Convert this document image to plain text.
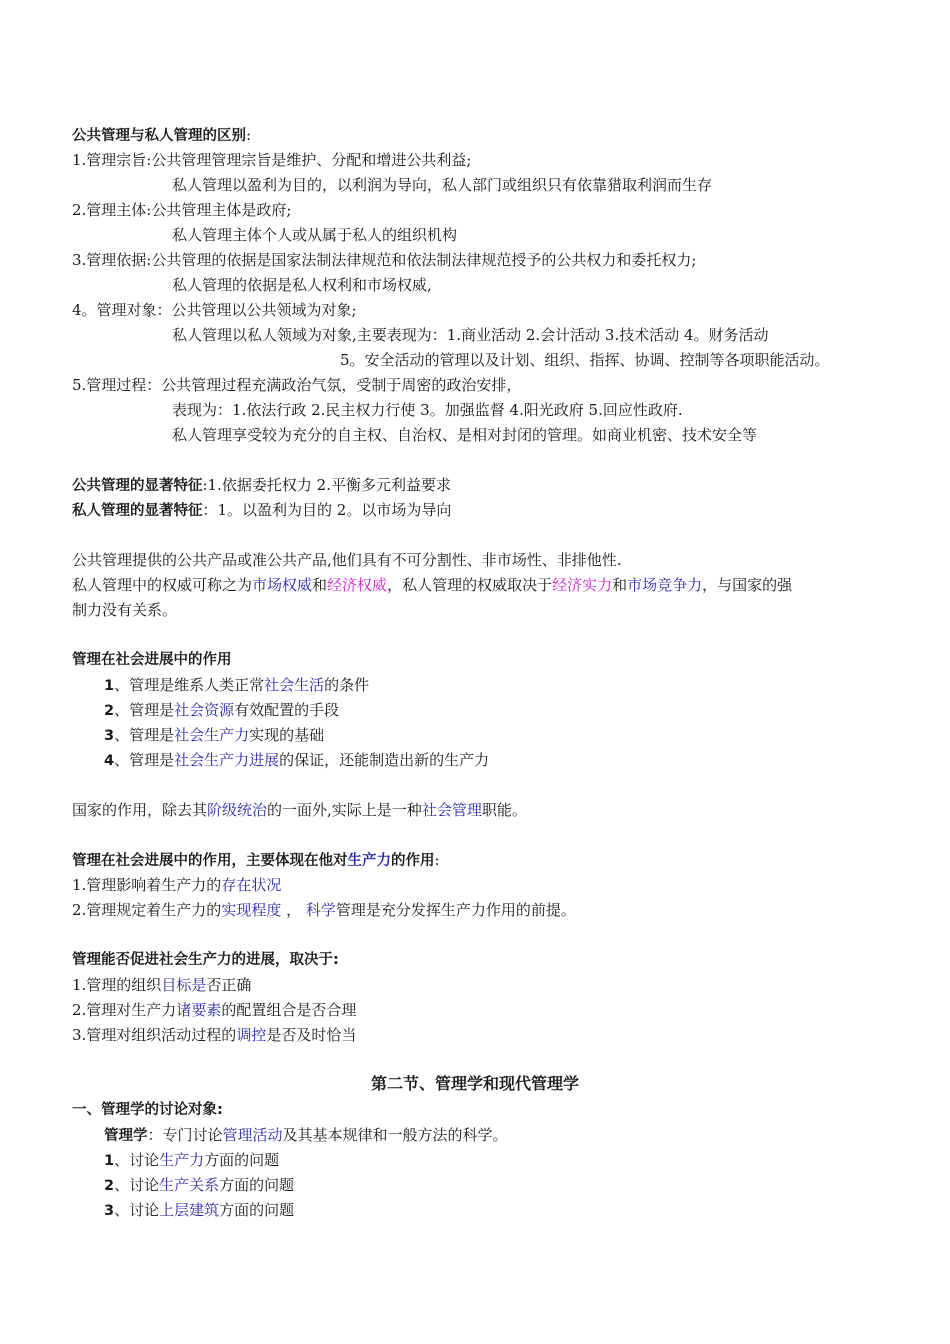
公共管理与私人管理的区别:
1.管理宗旨:公共管理管理宗旨是维护、分配和增进公共利益;
私人管理以盈利为目的，以利润为导向，私人部门或组织只有依靠猎取利润而生存
2.管理主体:公共管理主体是政府;
私人管理主体个人或从属于私人的组织机构
3.管理依据:公共管理的依据是国家法制法律规范和依法制法律规范授予的公共权力和委托权力;
私人管理的依据是私人权利和市场权威,
4。管理对象：公共管理以公共领域为对象;
私人管理以私人领域为对象,主要表现为：1.商业活动 2.会计活动 3.技术活动 4。财务活动
5。安全活动的管理以及计划、组织、指挥、协调、控制等各项职能活动。
5.管理过程：公共管理过程充满政治气氛，受制于周密的政治安排，
表现为：1.依法行政 2.民主权力行使 3。加强监督 4.阳光政府 5.回应性政府.
私人管理享受较为充分的自主权、自治权、是相对封闭的管理。如商业机密、技术安全等
公共管理的显著特征:1.依据委托权力 2.平衡多元利益要求
私人管理的显著特征：1。以盈利为目的 2。以市场为导向
公共管理提供的公共产品或准公共产品,他们具有不可分割性、非市场性、非排他性.
私人管理中的权威可称之为市场权威和经济权威，私人管理的权威取决于经济实力和市场竞争力，与国家的强
制力没有关系。
管理在社会进展中的作用
1、管理是维系人类正常社会生活的条件
2、管理是社会资源有效配置的手段
3、管理是社会生产力实现的基础
4、管理是社会生产力进展的保证，还能制造出新的生产力
国家的作用，除去其阶级统治的一面外,实际上是一种社会管理职能。
管理在社会进展中的作用，主要体现在他对生产力的作用:
1.管理影响着生产力的存在状况
2.管理规定着生产力的实现程度 ， 科学管理是充分发挥生产力作用的前提。
管理能否促进社会生产力的进展，取决于:
1.管理的组织目标是否正确
2.管理对生产力诸要素的配置组合是否合理
3.管理对组织活动过程的调控是否及时恰当
第二节、管理学和现代管理学
一、管理学的讨论对象:
管理学：专门讨论管理活动及其基本规律和一般方法的科学。
1、讨论生产力方面的问题
2、讨论生产关系方面的问题
3、讨论上层建筑方面的问题
